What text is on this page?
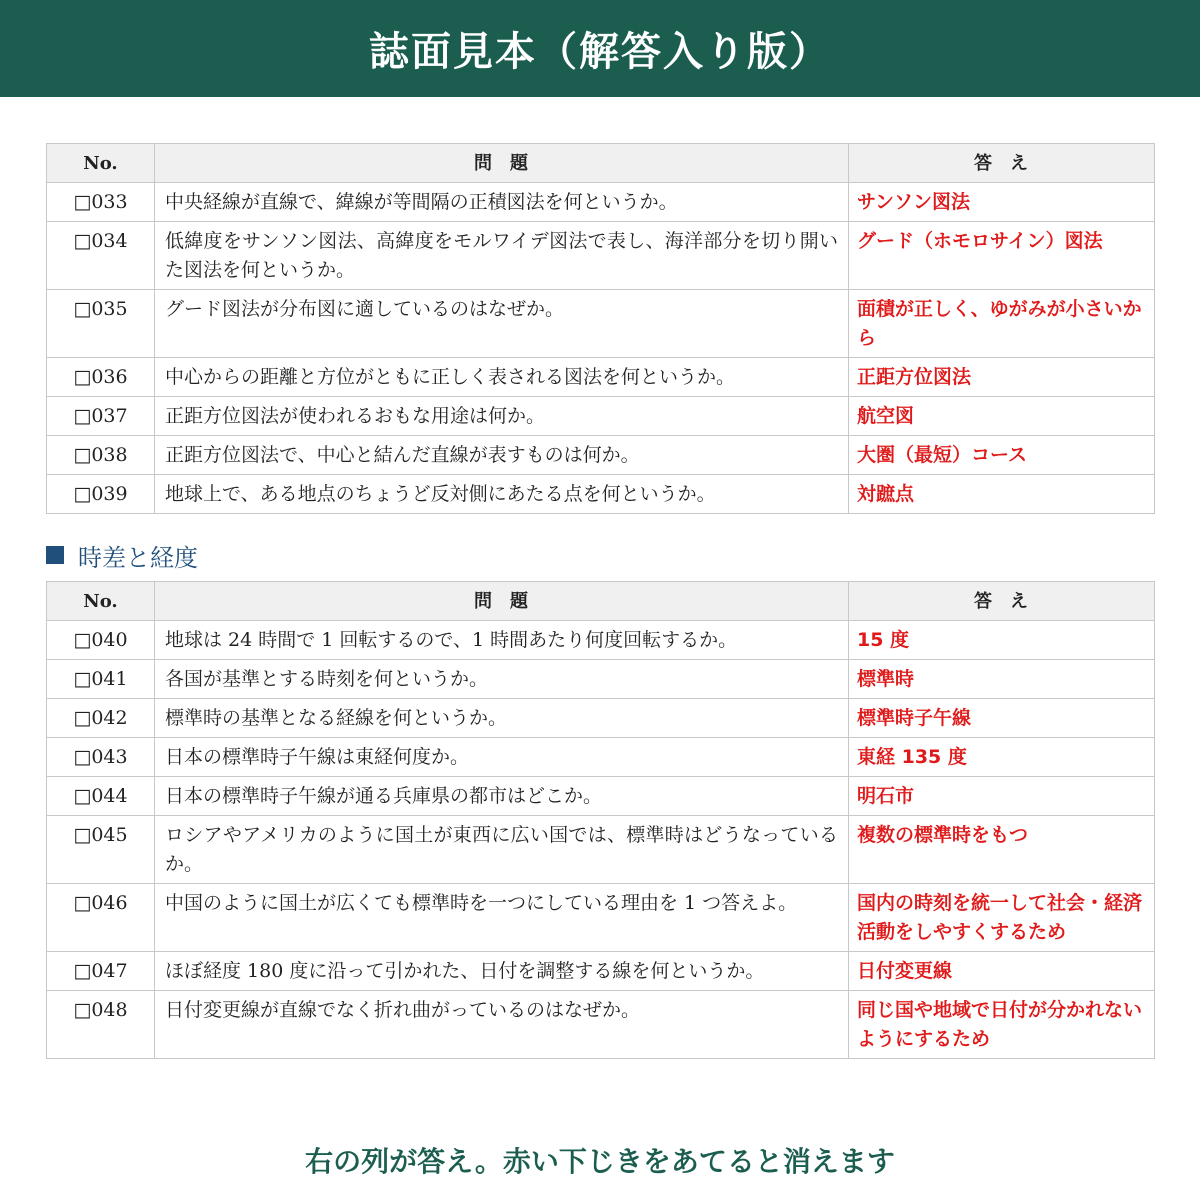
誌面見本（解答入り版）
No.	問題	答え
□033	中央経線が直線で、緯線が等間隔の正積図法を何というか。	サンソン図法
□034	低緯度をサンソン図法、高緯度をモルワイデ図法で表し、海洋部分を切り開いた図法を何というか。	グード（ホモロサイン）図法
□035	グード図法が分布図に適しているのはなぜか。	面積が正しく、ゆがみが小さいから
□036	中心からの距離と方位がともに正しく表される図法を何というか。	正距方位図法
□037	正距方位図法が使われるおもな用途は何か。	航空図
□038	正距方位図法で、中心と結んだ直線が表すものは何か。	大圏（最短）コース
□039	地球上で、ある地点のちょうど反対側にあたる点を何というか。	対蹠点
時差と経度
No.	問題	答え
□040	地球は 24 時間で 1 回転するので、1 時間あたり何度回転するか。	15 度
□041	各国が基準とする時刻を何というか。	標準時
□042	標準時の基準となる経線を何というか。	標準時子午線
□043	日本の標準時子午線は東経何度か。	東経 135 度
□044	日本の標準時子午線が通る兵庫県の都市はどこか。	明石市
□045	ロシアやアメリカのように国土が東西に広い国では、標準時はどうなっているか。	複数の標準時をもつ
□046	中国のように国土が広くても標準時を一つにしている理由を 1 つ答えよ。	国内の時刻を統一して社会・経済活動をしやすくするため
□047	ほぼ経度 180 度に沿って引かれた、日付を調整する線を何というか。	日付変更線
□048	日付変更線が直線でなく折れ曲がっているのはなぜか。	同じ国や地域で日付が分かれないようにするため
右の列が答え。赤い下じきをあてると消えます
